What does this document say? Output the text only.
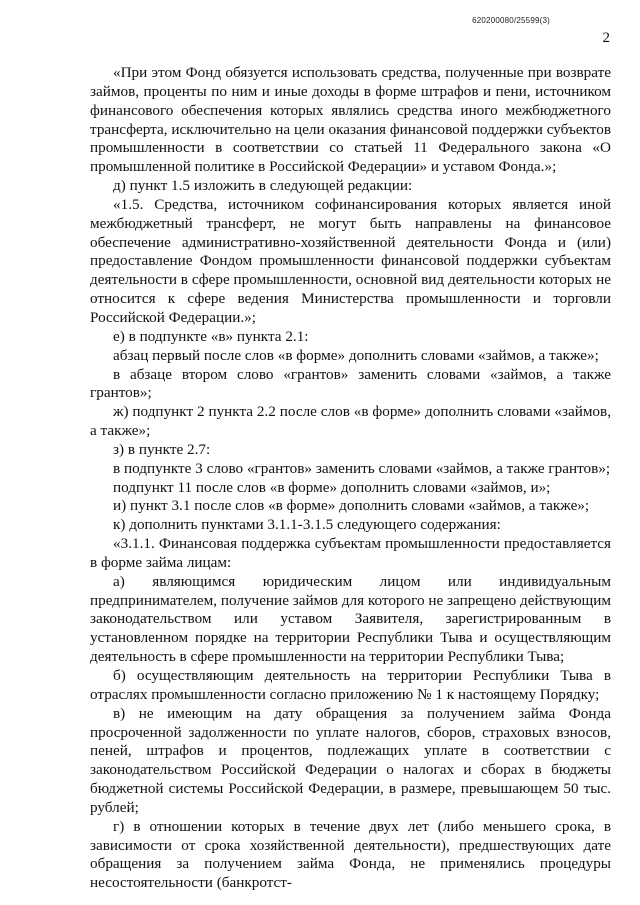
620200080/25599(3)
2

«При этом Фонд обязуется использовать средства, полученные при возврате займов, проценты по ним и иные доходы в форме штрафов и пени, источником финансового обеспечения которых являлись средства иного межбюджетного трансферта, исключительно на цели оказания финансовой поддержки субъектов промышленности в соответствии со статьей 11 Федерального закона «О промышленной политике в Российской Федерации» и уставом Фонда.»;

д) пункт 1.5 изложить в следующей редакции:

«1.5. Средства, источником софинансирования которых является иной межбюджетный трансферт, не могут быть направлены на финансовое обеспечение административно-хозяйственной деятельности Фонда и (или) предоставление Фондом промышленности финансовой поддержки субъектам деятельности в сфере промышленности, основной вид деятельности которых не относится к сфере ведения Министерства промышленности и торговли Российской Федерации.»;

е) в подпункте «в» пункта 2.1:

абзац первый после слов «в форме» дополнить словами «займов, а также»;

в абзаце втором слово «грантов» заменить словами «займов, а также грантов»;

ж) подпункт 2 пункта 2.2 после слов «в форме» дополнить словами «займов, а также»;

з) в пункте 2.7:

в подпункте 3 слово «грантов» заменить словами «займов, а также грантов»;

подпункт 11 после слов «в форме» дополнить словами «займов, и»;

и) пункт 3.1 после слов «в форме» дополнить словами «займов, а также»;

к) дополнить пунктами 3.1.1-3.1.5 следующего содержания:

«3.1.1. Финансовая поддержка субъектам промышленности предоставляется в форме займа лицам:

а) являющимся юридическим лицом или индивидуальным предпринимателем, получение займов для которого не запрещено действующим законодательством или уставом Заявителя, зарегистрированным в установленном порядке на территории Республики Тыва и осуществляющим деятельность в сфере промышленности на территории Республики Тыва;

б) осуществляющим деятельность на территории Республики Тыва в отраслях промышленности согласно приложению № 1 к настоящему Порядку;

в) не имеющим на дату обращения за получением займа Фонда просроченной задолженности по уплате налогов, сборов, страховых взносов, пеней, штрафов и процентов, подлежащих уплате в соответствии с законодательством Российской Федерации о налогах и сборах в бюджеты бюджетной системы Российской Федерации, в размере, превышающем 50 тыс. рублей;

г) в отношении которых в течение двух лет (либо меньшего срока, в зависимости от срока хозяйственной деятельности), предшествующих дате обращения за получением займа Фонда, не применялись процедуры несостоятельности (банкротст-
